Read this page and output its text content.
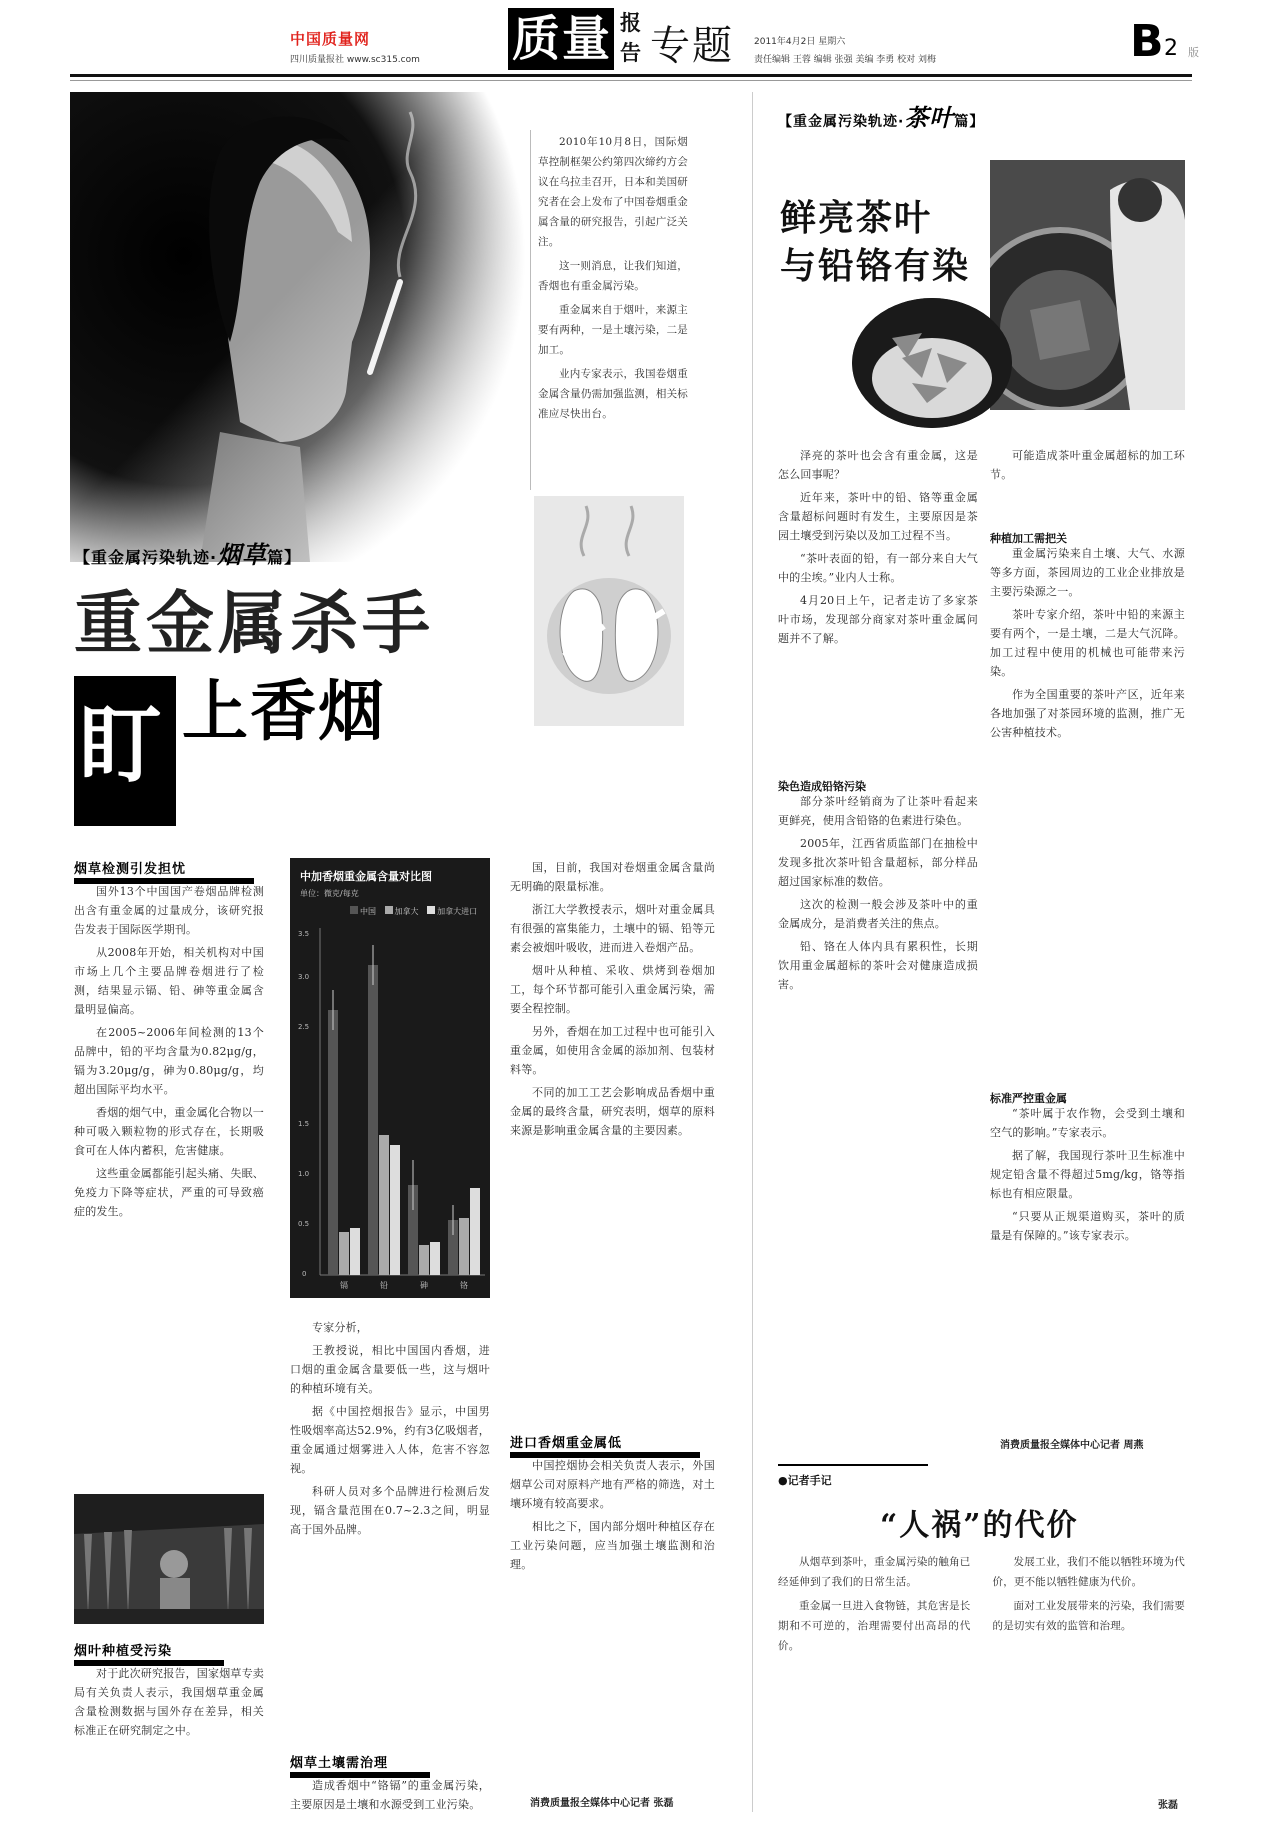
中国质量网
四川质量报社 www.sc315.com 质量 报告 专题 2011年4月2日 星期六
责任编辑 王蓉 编辑 张强 美编 李勇 校对 刘梅	B 2 版
【重金属污染轨迹·烟草篇】
重金属杀手
盯 上香烟

2010年10月8日，国际烟草控制框架公约第四次缔约方会议在乌拉圭召开，日本和美国研究者在会上发布了中国卷烟重金属含量的研究报告，引起广泛关注。

这一则消息，让我们知道，香烟也有重金属污染。

重金属来自于烟叶，来源主要有两种，一是土壤污染，二是加工。

业内专家表示，我国卷烟重金属含量仍需加强监测，相关标准应尽快出台。

烟草检测引发担忧

国外13个中国国产卷烟品牌检测出含有重金属的过量成分，该研究报告发表于国际医学期刊。

从2008年开始，相关机构对中国市场上几个主要品牌卷烟进行了检测，结果显示镉、铅、砷等重金属含量明显偏高。

在2005~2006年间检测的13个品牌中，铅的平均含量为0.82μg/g，镉为3.20μg/g，砷为0.80μg/g，均超出国际平均水平。

香烟的烟气中，重金属化合物以一种可吸入颗粒物的形式存在，长期吸食可在人体内蓄积，危害健康。

这些重金属都能引起头痛、失眠、免疫力下降等症状，严重的可导致癌症的发生。

烟叶种植受污染

对于此次研究报告，国家烟草专卖局有关负责人表示，我国烟草重金属含量检测数据与国外存在差异，相关标准正在研究制定之中。

中加香烟重金属含量对比图
单位：微克/每克
中国 加拿大 加拿大进口
0
0.5
1.0
1.5
2.5
3.0
3.5
镉	铅	砷	铬

专家分析，

王教授说，相比中国国内香烟，进口烟的重金属含量要低一些，这与烟叶的种植环境有关。

据《中国控烟报告》显示，中国男性吸烟率高达52.9%，约有3亿吸烟者，重金属通过烟雾进入人体，危害不容忽视。

科研人员对多个品牌进行检测后发现，镉含量范围在0.7~2.3之间，明显高于国外品牌。

烟草土壤需治理

造成香烟中“铬镉”的重金属污染，主要原因是土壤和水源受到工业污染。

国，目前，我国对卷烟重金属含量尚无明确的限量标准。

浙江大学教授表示，烟叶对重金属具有很强的富集能力，土壤中的镉、铅等元素会被烟叶吸收，进而进入卷烟产品。

烟叶从种植、采收、烘烤到卷烟加工，每个环节都可能引入重金属污染，需要全程控制。

另外，香烟在加工过程中也可能引入重金属，如使用含金属的添加剂、包装材料等。

不同的加工工艺会影响成品香烟中重金属的最终含量，研究表明，烟草的原料来源是影响重金属含量的主要因素。

进口香烟重金属低

中国控烟协会相关负责人表示，外国烟草公司对原料产地有严格的筛选，对土壤环境有较高要求。

相比之下，国内部分烟叶种植区存在工业污染问题，应当加强土壤监测和治理。

消费质量报全媒体中心记者 张磊
【重金属污染轨迹·茶叶篇】
鲜亮茶叶
与铅铬有染

泽亮的茶叶也会含有重金属，这是怎么回事呢？

近年来，茶叶中的铅、铬等重金属含量超标问题时有发生，主要原因是茶园土壤受到污染以及加工过程不当。

“茶叶表面的铅，有一部分来自大气中的尘埃。”业内人士称。

4月20日上午，记者走访了多家茶叶市场，发现部分商家对茶叶重金属问题并不了解。

染色造成铅铬污染

部分茶叶经销商为了让茶叶看起来更鲜亮，使用含铅铬的色素进行染色。

2005年，江西省质监部门在抽检中发现多批次茶叶铅含量超标，部分样品超过国家标准的数倍。

这次的检测一般会涉及茶叶中的重金属成分，是消费者关注的焦点。

铅、铬在人体内具有累积性，长期饮用重金属超标的茶叶会对健康造成损害。

可能造成茶叶重金属超标的加工环节。

种植加工需把关

重金属污染来自土壤、大气、水源等多方面，茶园周边的工业企业排放是主要污染源之一。

茶叶专家介绍，茶叶中铅的来源主要有两个，一是土壤，二是大气沉降。加工过程中使用的机械也可能带来污染。

作为全国重要的茶叶产区，近年来各地加强了对茶园环境的监测，推广无公害种植技术。

标准严控重金属

“茶叶属于农作物，会受到土壤和空气的影响。”专家表示。

据了解，我国现行茶叶卫生标准中规定铅含量不得超过5mg/kg，铬等指标也有相应限量。

“只要从正规渠道购买，茶叶的质量是有保障的。”该专家表示。

消费质量报全媒体中心记者 周燕
●记者手记
“人祸”的代价

从烟草到茶叶，重金属污染的触角已经延伸到了我们的日常生活。

重金属一旦进入食物链，其危害是长期和不可逆的，治理需要付出高昂的代价。

发展工业，我们不能以牺牲环境为代价，更不能以牺牲健康为代价。

面对工业发展带来的污染，我们需要的是切实有效的监管和治理。

张磊
